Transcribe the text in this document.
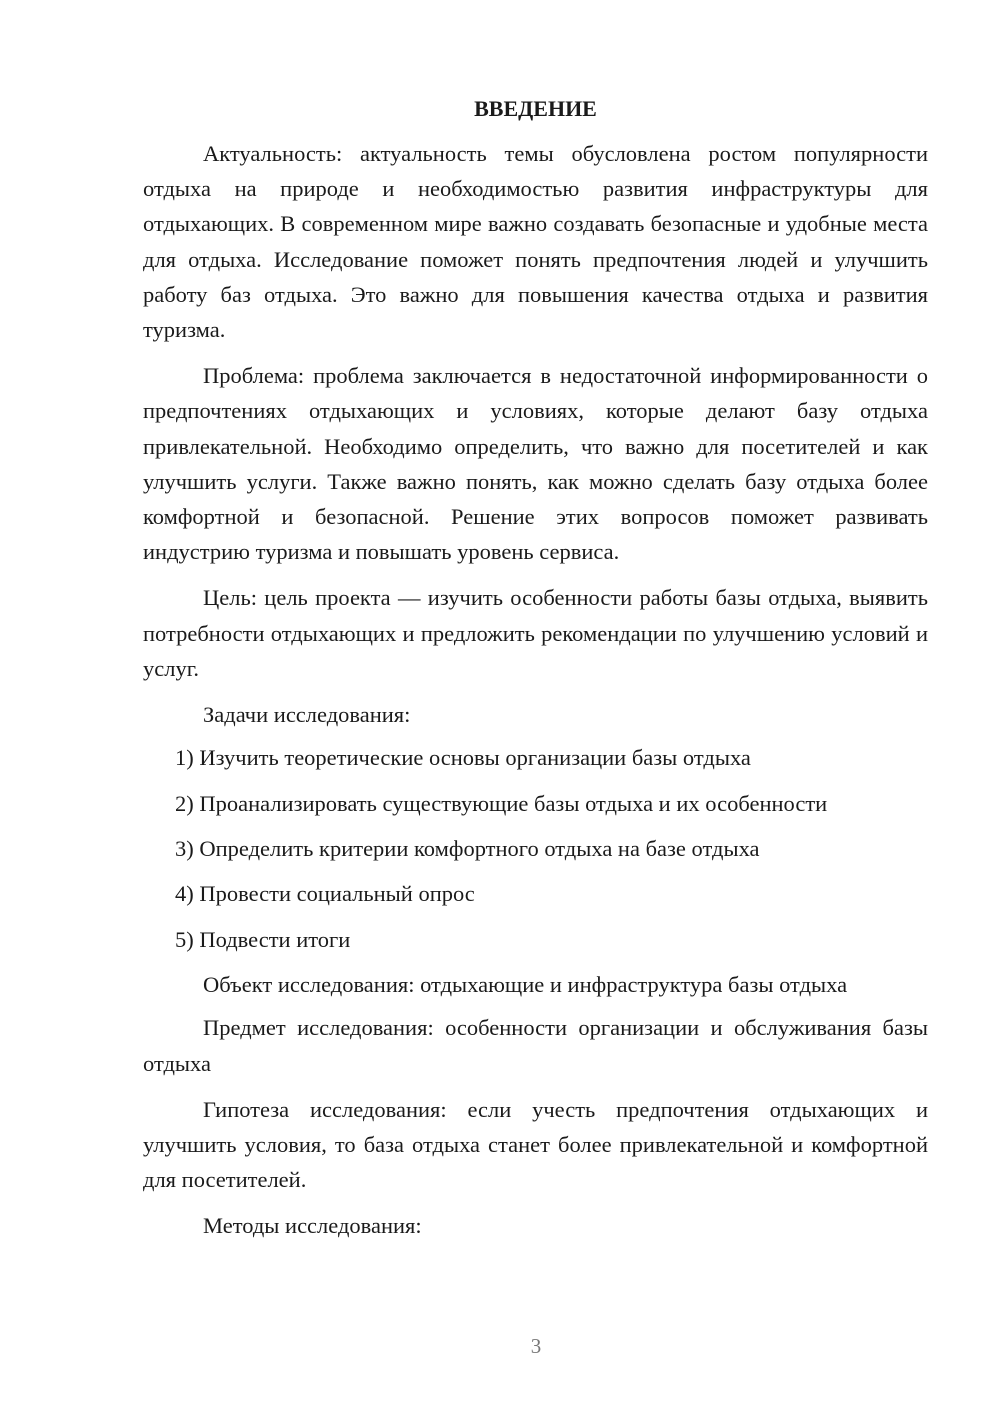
ВВЕДЕНИЕ

Актуальность: актуальность темы обусловлена ростом популярности отдыха на природе и необходимостью развития инфраструктуры для отдыхающих. В современном мире важно создавать безопасные и удобные места для отдыха. Исследование поможет понять предпочтения людей и улучшить работу баз отдыха. Это важно для повышения качества отдыха и развития туризма.

Проблема: проблема заключается в недостаточной информированности о предпочтениях отдыхающих и условиях, которые делают базу отдыха привлекательной. Необходимо определить, что важно для посетителей и как улучшить услуги. Также важно понять, как можно сделать базу отдыха более комфортной и безопасной. Решение этих вопросов поможет развивать индустрию туризма и повышать уровень сервиса.

Цель: цель проекта — изучить особенности работы базы отдыха, выявить потребности отдыхающих и предложить рекомендации по улучшению условий и услуг.

Задачи исследования:

1) Изучить теоретические основы организации базы отдыха
2) Проанализировать существующие базы отдыха и их особенности
3) Определить критерии комфортного отдыха на базе отдыха
4) Провести социальный опрос
5) Подвести итоги

Объект исследования: отдыхающие и инфраструктура базы отдыха

Предмет исследования: особенности организации и обслуживания базы отдыха

Гипотеза исследования: если учесть предпочтения отдыхающих и улучшить условия, то база отдыха станет более привлекательной и комфортной для посетителей.

Методы исследования:

3
